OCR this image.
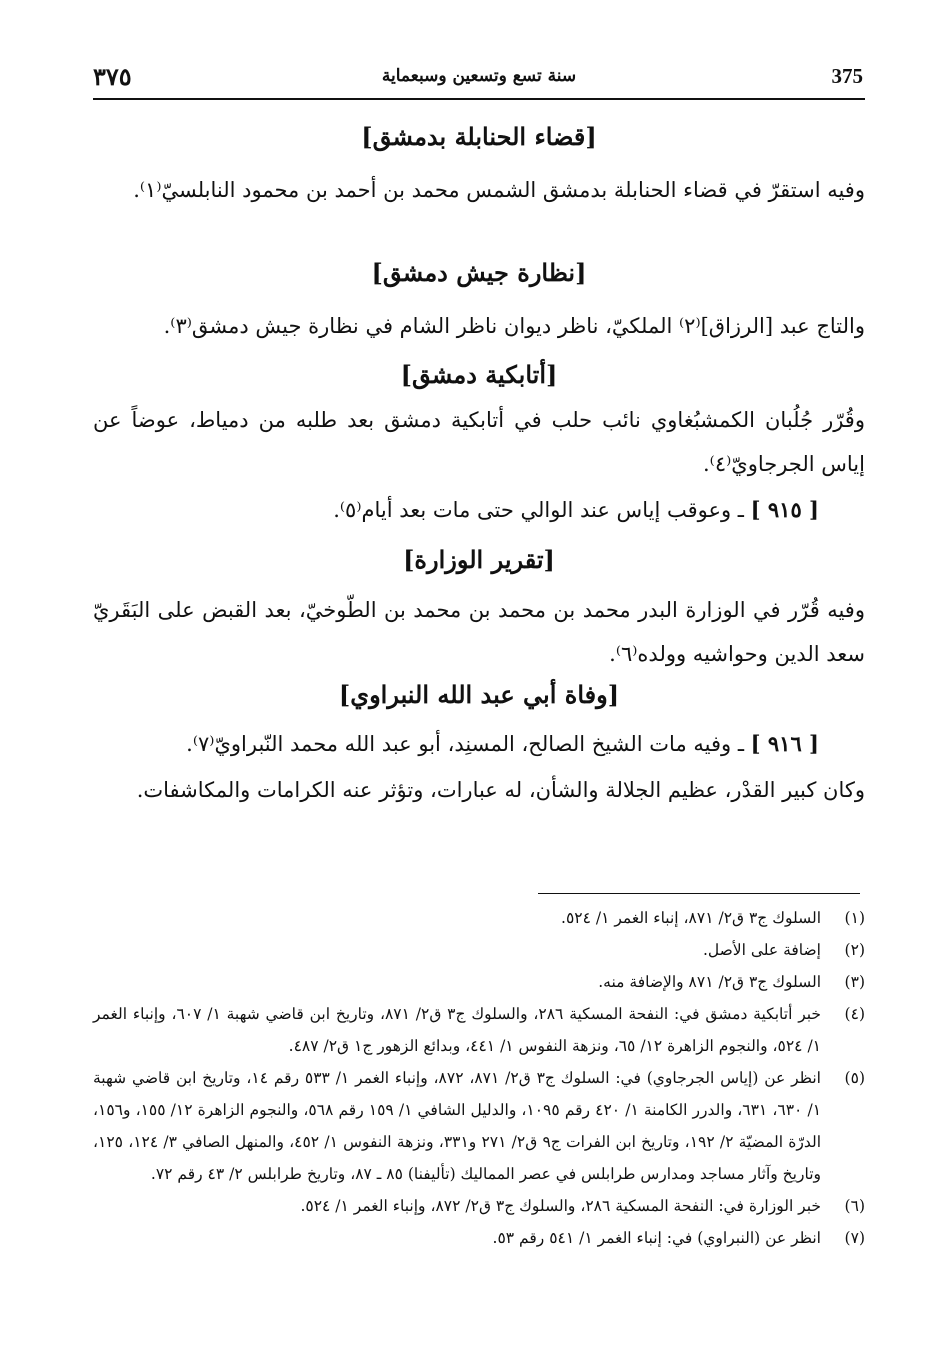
٣٧٥	سنة تسع وتسعين وسبعماية	375
[قضاء الحنابلة بدمشق]
وفيه استقرّ في قضاء الحنابلة بدمشق الشمس محمد بن أحمد بن محمود النابلسيّ⁽١⁾.
[نظارة جيش دمشق]
والتاج عبد [الرزاق]⁽٢⁾ الملكيّ، ناظر ديوان ناظر الشام في نظارة جيش دمشق⁽٣⁾.
[أتابكية دمشق]
وقُرّر جُلُبان الكمشبُغاوي نائب حلب في أتابكية دمشق بعد طلبه من دمياط، عوضاً عن إياس الجرجاويّ⁽٤⁾.
[ ٩١٥ ] ـ وعوقب إياس عند الوالي حتى مات بعد أيام⁽٥⁾.
[تقرير الوزارة]
وفيه قُرّر في الوزارة البدر محمد بن محمد بن محمد بن الطّوخيّ، بعد القبض على البَقَريّ سعد الدين وحواشيه وولده⁽٦⁾.
[وفاة أبي عبد الله النبراوي]
[ ٩١٦ ] ـ وفيه مات الشيخ الصالح، المسنِد، أبو عبد الله محمد النّبراويّ⁽٧⁾.
وكان كبير القدْر، عظيم الجلالة والشأن، له عبارات، وتؤثر عنه الكرامات والمكاشفات.
(١)
السلوك ج٣ ق٢/ ٨٧١، إنباء الغمر ١/ ٥٢٤.
(٢)
إضافة على الأصل.
(٣)
السلوك ج٣ ق٢/ ٨٧١ والإضافة منه.
(٤)
خبر أتابكية دمشق في: النفحة المسكية ٢٨٦، والسلوك ج٣ ق٢/ ٨٧١، وتاريخ ابن قاضي شهبة ١/ ٦٠٧، وإنباء الغمر ١/ ٥٢٤، والنجوم الزاهرة ١٢/ ٦٥، ونزهة النفوس ١/ ٤٤١، وبدائع الزهور ج١ ق٢/ ٤٨٧.
(٥)
انظر عن (إياس الجرجاوي) في: السلوك ج٣ ق٢/ ٨٧١، ٨٧٢، وإنباء الغمر ١/ ٥٣٣ رقم ١٤، وتاريخ ابن قاضي شهبة ١/ ٦٣٠، ٦٣١، والدرر الكامنة ١/ ٤٢٠ رقم ١٠٩٥، والدليل الشافي ١/ ١٥٩ رقم ٥٦٨، والنجوم الزاهرة ١٢/ ١٥٥، و١٥٦، الدرّة المضيّة ٢/ ١٩٢، وتاريخ ابن الفرات ج٩ ق٢/ ٢٧١ و٣٣١، ونزهة النفوس ١/ ٤٥٢، والمنهل الصافي ٣/ ١٢٤، ١٢٥، وتاريخ وآثار مساجد ومدارس طرابلس في عصر المماليك (تأليفنا) ٨٥ ـ ٨٧، وتاريخ طرابلس ٢/ ٤٣ رقم ٧٢.
(٦)
خبر الوزارة في: النفحة المسكية ٢٨٦، والسلوك ج٣ ق٢/ ٨٧٢، وإنباء الغمر ١/ ٥٢٤.
(٧)
انظر عن (النبراوي) في: إنباء الغمر ١/ ٥٤١ رقم ٥٣.
